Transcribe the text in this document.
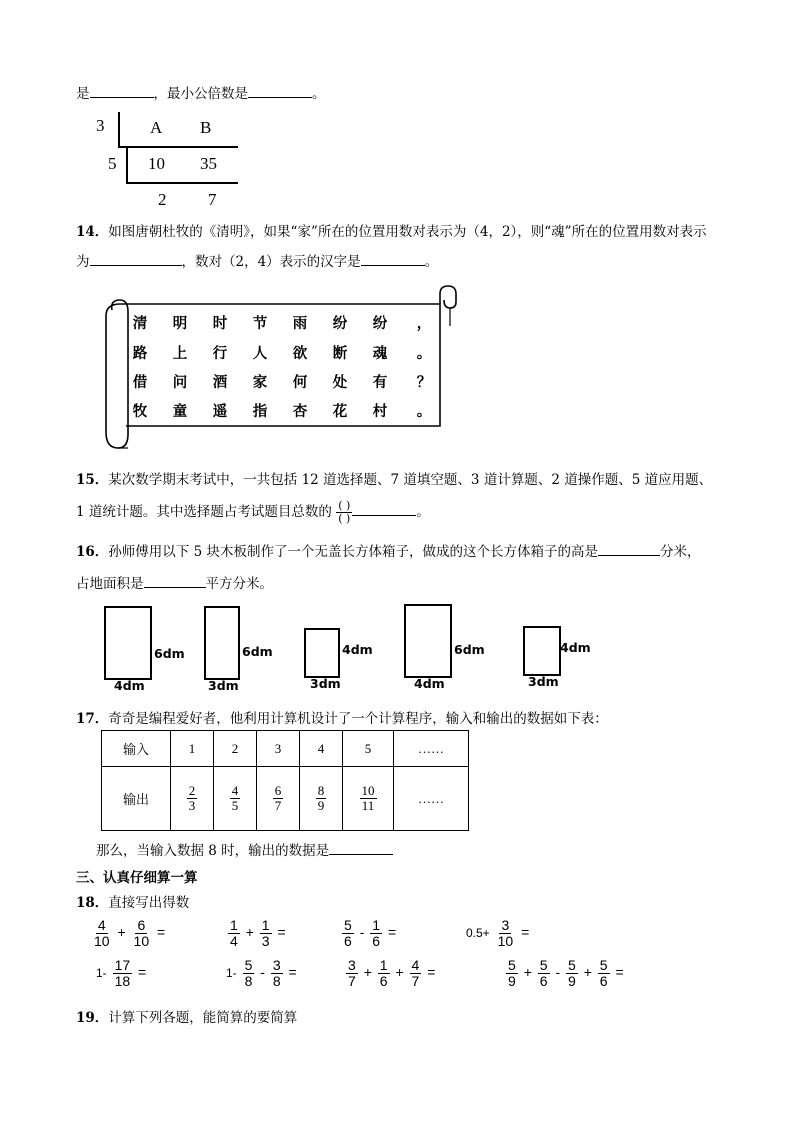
是	，最小公倍数是	。
3	A B
5 10 35
2 7
14．如图唐朝杜牧的《清明》，如果“家”所在的位置用数对表示为（4，2），则“魂”所在的位置用数对表示
为	，数对（2，4）表示的汉字是	。
清 明 时 节 雨 纷 纷 ，
路 上 行 人 欲 断 魂 。
借 问 酒 家 何 处 有 ？
牧 童 遥 指 杏 花 村 。
15．某次数学期末考试中，一共包括 12 道选择题、7 道填空题、3 道计算题、2 道操作题、5 道应用题、
1 道统计题。其中选择题占考试题目总数的 $\frac{( )}{( )}$	。
16．孙师傅用以下 5 块木板制作了一个无盖长方体箱子，做成的这个长方体箱子的高是	分米，
占地面积是	平方分米。
6dm
4dm
6dm
3dm
4dm
3dm
6dm
4dm
4dm
3dm
17．奇奇是编程爱好者，他利用计算机设计了一个计算程序，输入和输出的数据如下表：
输入	1	2	3	4	5	……
输出	$\frac{2}{3}$	$\frac{4}{5}$	$\frac{6}{7}$	$\frac{8}{9}$	$\frac{10}{11}$	……
那么，当输入数据 8 时，输出的数据是
三、认真仔细算一算
18．直接写出得数
$\frac{4}{10} + \frac{6}{10}$ =	$\frac{1}{4} + \frac{1}{3}$ =	$\frac{5}{6} - \frac{1}{6}$ =	$0.5+ \frac{3}{10}$ =
$1- \frac{17}{18}$ =	$1- \frac{5}{8} - \frac{3}{8}$ =	$\frac{3}{7} + \frac{1}{6} + \frac{4}{7}$ =	$\frac{5}{9} + \frac{5}{6} - \frac{5}{9} + \frac{5}{6}$ =
19．计算下列各题，能简算的要简算
